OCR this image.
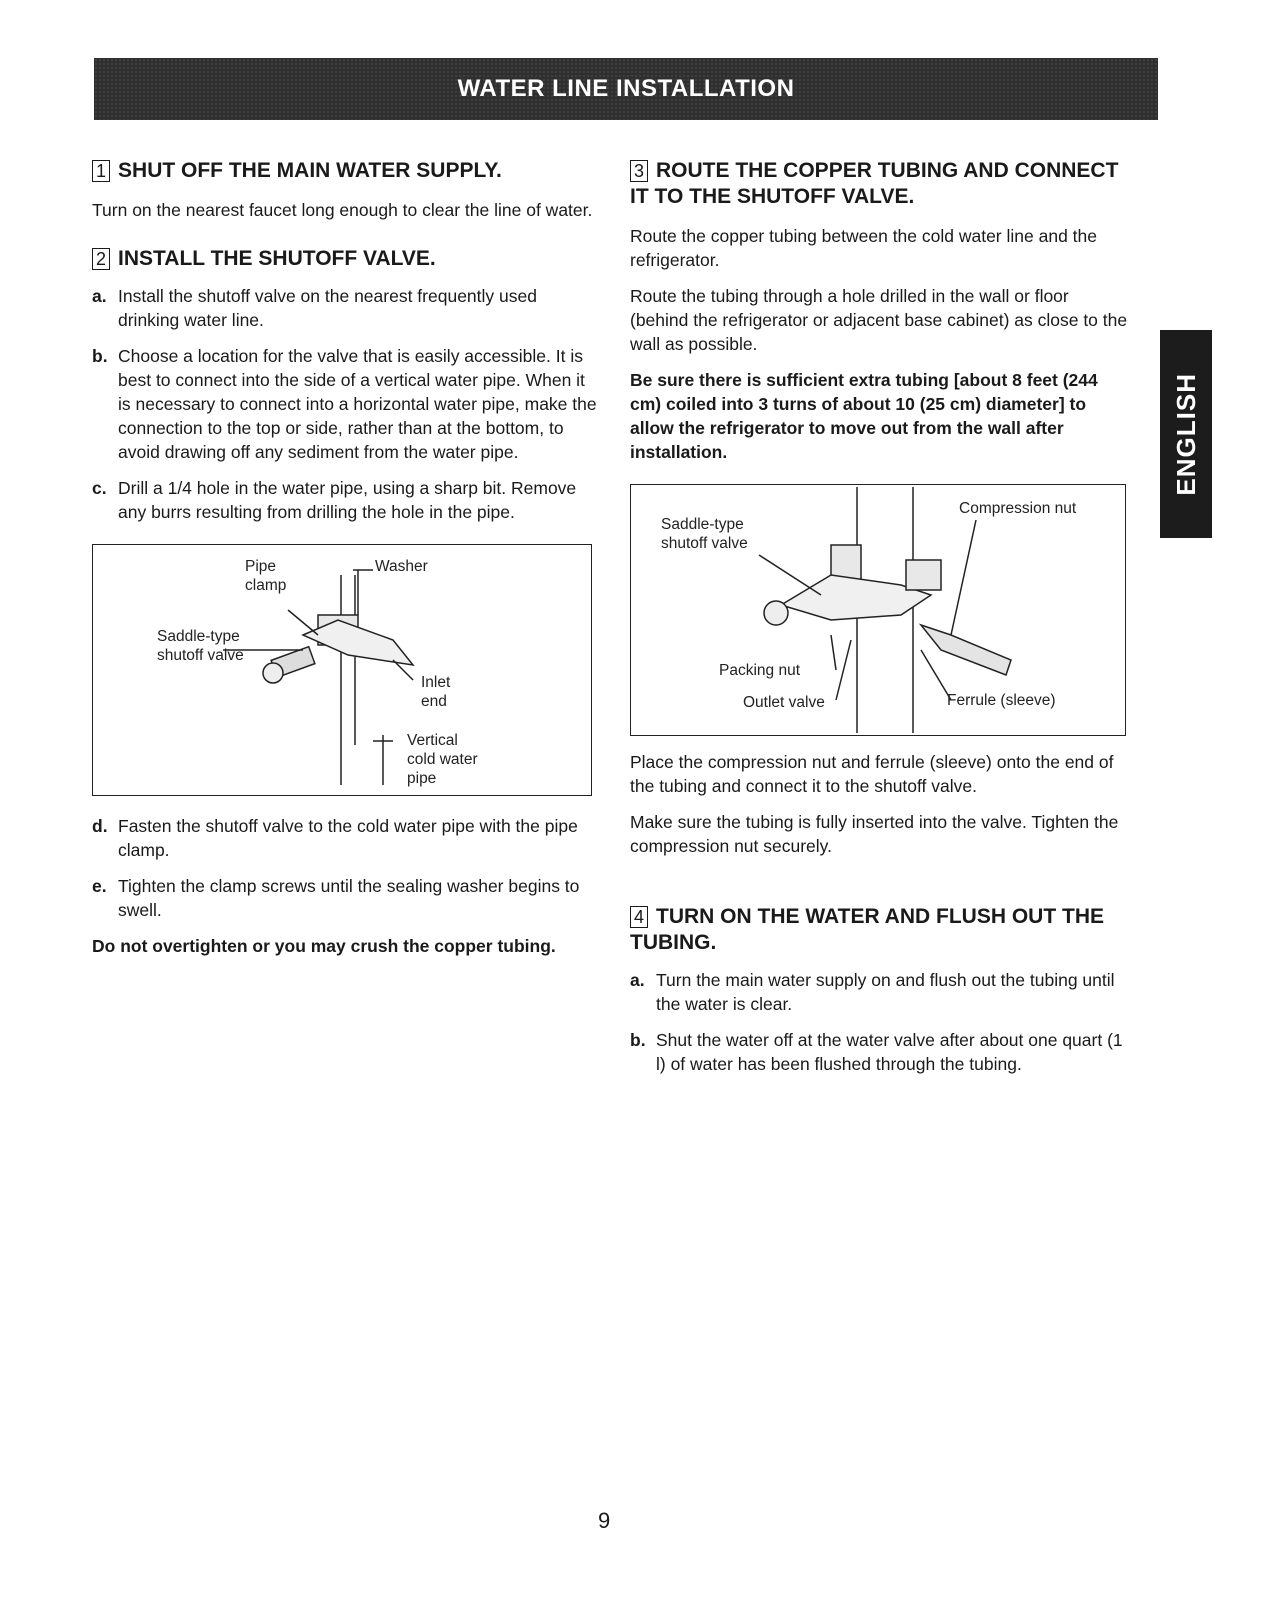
WATER LINE INSTALLATION
ENGLISH
1 SHUT OFF THE MAIN WATER SUPPLY.

Turn on the nearest faucet long enough to clear the line of water.

2 INSTALL THE SHUTOFF VALVE.
a. Install the shutoff valve on the nearest frequently used drinking water line.
b. Choose a location for the valve that is easily accessible. It is best to connect into the side of a vertical water pipe. When it is necessary to connect into a horizontal water pipe, make the connection to the top or side, rather than at the bottom, to avoid drawing off any sediment from the water pipe.
c. Drill a 1/4 hole in the water pipe, using a sharp bit. Remove any burrs resulting from drilling the hole in the pipe.
Pipe
clamp
Washer
Saddle-type
shutoff valve
Inlet
end
Vertical
cold water
pipe
d. Fasten the shutoff valve to the cold water pipe with the pipe clamp.
e. Tighten the clamp screws until the sealing washer begins to swell.

Do not overtighten or you may crush the copper tubing.

3 ROUTE THE COPPER TUBING AND CONNECT IT TO THE SHUTOFF VALVE.

Route the copper tubing between the cold water line and the refrigerator.

Route the tubing through a hole drilled in the wall or floor (behind the refrigerator or adjacent base cabinet) as close to the wall as possible.

Be sure there is sufficient extra tubing [about 8 feet (244 cm) coiled into 3 turns of about 10 (25 cm) diameter] to allow the refrigerator to move out from the wall after installation.

Saddle-type
shutoff valve
Compression nut
Packing nut
Outlet valve	Ferrule (sleeve)

Place the compression nut and ferrule (sleeve) onto the end of the tubing and connect it to the shutoff valve.

Make sure the tubing is fully inserted into the valve. Tighten the compression nut securely.

4 TURN ON THE WATER AND FLUSH OUT THE TUBING.
a. Turn the main water supply on and flush out the tubing until the water is clear.
b. Shut the water off at the water valve after about one quart (1 l) of water has been flushed through the tubing.
9
